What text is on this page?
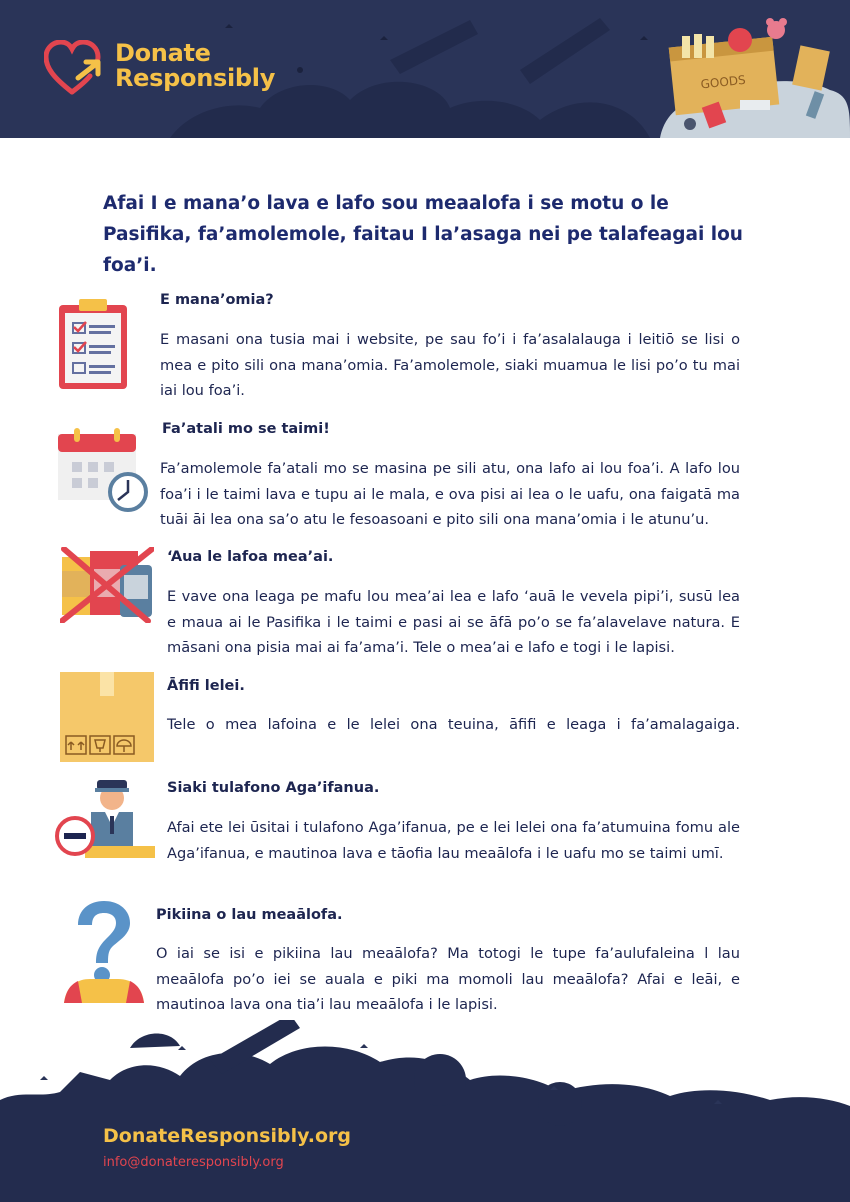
GOODS
Donate
Responsibly

Afai I e mana’o lava e lafo sou meaalofa i se motu o le Pasifika, fa’amolemole, faitau I la’asaga nei pe talafeagai lou foa’i.

E mana’omia?

E masani ona tusia mai i website, pe sau fo’i i fa’asalalauga i leitiō se lisi o mea e pito sili ona mana’omia. Fa’amolemole, siaki muamua le lisi po’o tu mai iai lou foa’i.

Fa’atali mo se taimi!

Fa’amolemole fa’atali mo se masina pe sili atu, ona lafo ai lou foa’i. A lafo lou foa’i i le taimi lava e tupu ai le mala, e ova pisi ai lea o le uafu, ona faigatā ma tuāi āi lea ona sa’o atu le fesoasoani e pito sili ona mana’omia i le atunu’u.

‘Aua le lafoa mea’ai.

E vave ona leaga pe mafu lou mea’ai lea e lafo ‘auā le vevela pipi’i, susū lea e maua ai le Pasifika i le taimi e pasi ai se āfā po’o se fa’alavelave natura. E māsani ona pisia mai ai fa’ama’i. Tele o mea’ai e lafo e togi i le lapisi.

Āfifi lelei.

Tele o mea lafoina e le lelei ona teuina, āfifi e leaga i fa’amalagaiga.

Siaki tulafono Aga’ifanua.

Afai ete lei ūsitai i tulafono Aga’ifanua, pe e lei lelei ona fa’atumuina fomu ale Aga’ifanua, e mautinoa lava e tāofia lau meaālofa i le uafu mo se taimi umī.

Pikiina o lau meaālofa.

O iai se isi e pikiina lau meaālofa? Ma totogi le tupe fa’aulufaleina l lau meaālofa po’o iei se auala e piki ma momoli lau meaālofa? Afai e leāi, e mautinoa lava ona tia’i lau meaālofa i le lapisi.

DonateResponsibly.org
info@donateresponsibly.org
